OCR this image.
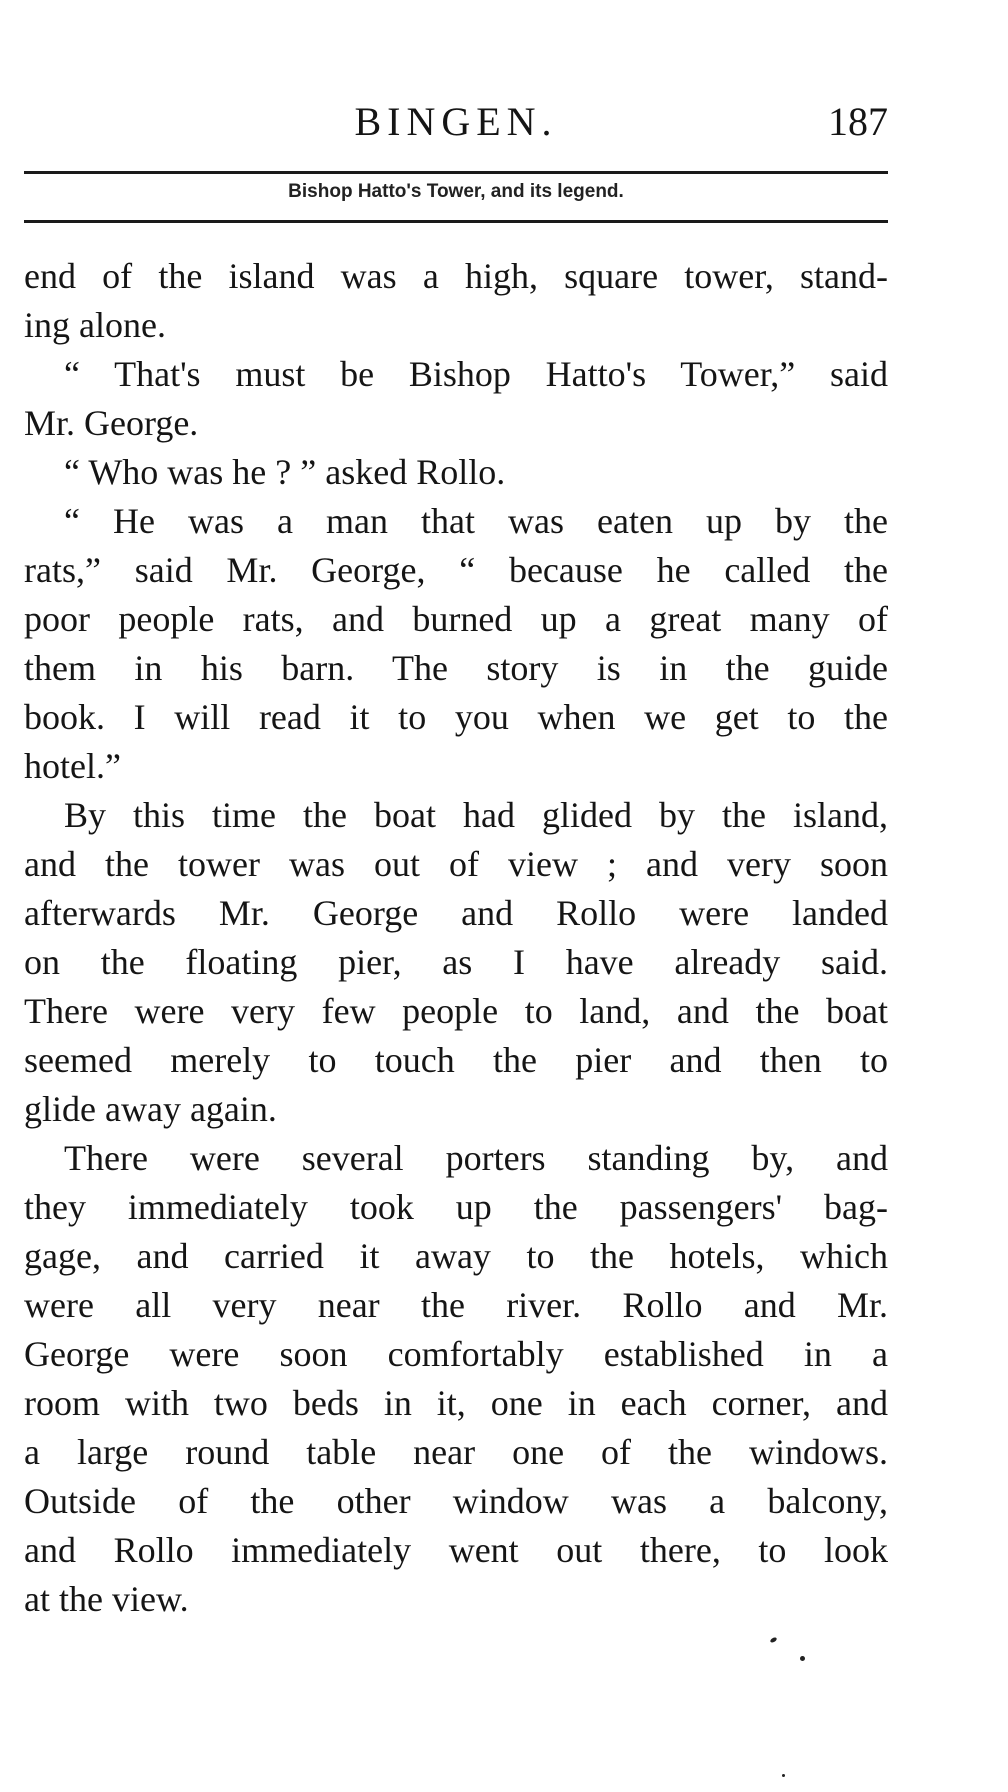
BINGEN.	187
Bishop Hatto's Tower, and its legend.
end of the island was a high, square tower, stand-
ing alone.
“ That's must be Bishop Hatto's Tower,” said
Mr. George.
“ Who was he ? ” asked Rollo.
“ He was a man that was eaten up by the
rats,” said Mr. George, “ because he called the
poor people rats, and burned up a great many of
them in his barn. The story is in the guide
book. I will read it to you when we get to the
hotel.”
By this time the boat had glided by the island,
and the tower was out of view ; and very soon
afterwards Mr. George and Rollo were landed
on the floating pier, as I have already said.
There were very few people to land, and the boat
seemed merely to touch the pier and then to
glide away again.
There were several porters standing by, and
they immediately took up the passengers' bag-
gage, and carried it away to the hotels, which
were all very near the river. Rollo and Mr.
George were soon comfortably established in a
room with two beds in it, one in each corner, and
a large round table near one of the windows.
Outside of the other window was a balcony,
and Rollo immediately went out there, to look
at the view.
